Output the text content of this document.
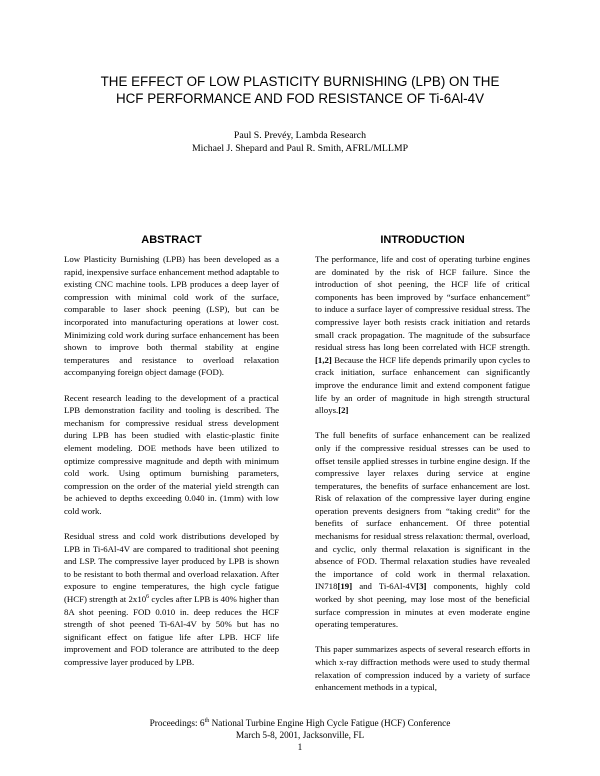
THE EFFECT OF LOW PLASTICITY BURNISHING (LPB) ON THE
HCF PERFORMANCE AND FOD RESISTANCE OF Ti-6Al-4V
Paul S. Prevéy, Lambda Research
Michael J. Shepard and Paul R. Smith, AFRL/MLLMP
ABSTRACT	INTRODUCTION

Low Plasticity Burnishing (LPB) has been developed as a rapid, inexpensive surface enhancement method adaptable to existing CNC machine tools. LPB produces a deep layer of compression with minimal cold work of the surface, comparable to laser shock peening (LSP), but can be incorporated into manufacturing operations at lower cost. Minimizing cold work during surface enhancement has been shown to improve both thermal stability at engine temperatures and resistance to overload relaxation accompanying foreign object damage (FOD).

Recent research leading to the development of a practical LPB demonstration facility and tooling is described. The mechanism for compressive residual stress development during LPB has been studied with elastic-plastic finite element modeling. DOE methods have been utilized to optimize compressive magnitude and depth with minimum cold work. Using optimum burnishing parameters, compression on the order of the material yield strength can be achieved to depths exceeding 0.040 in. (1mm) with low cold work.

Residual stress and cold work distributions developed by LPB in Ti-6Al-4V are compared to traditional shot peening and LSP. The compressive layer produced by LPB is shown to be resistant to both thermal and overload relaxation. After exposure to engine temperatures, the high cycle fatigue (HCF) strength at $2x10^6$ cycles after LPB is 40% higher than 8A shot peening. FOD 0.010 in. deep reduces the HCF strength of shot peened Ti-6Al-4V by 50% but has no significant effect on fatigue life after LPB. HCF life improvement and FOD tolerance are attributed to the deep compressive layer produced by LPB.

The performance, life and cost of operating turbine engines are dominated by the risk of HCF failure. Since the introduction of shot peening, the HCF life of critical components has been improved by “surface enhancement” to induce a surface layer of compressive residual stress. The compressive layer both resists crack initiation and retards small crack propagation. The magnitude of the subsurface residual stress has long been correlated with HCF strength.[1,2] Because the HCF life depends primarily upon cycles to crack initiation, surface enhancement can significantly improve the endurance limit and extend component fatigue life by an order of magnitude in high strength structural alloys.[2]

The full benefits of surface enhancement can be realized only if the compressive residual stresses can be used to offset tensile applied stresses in turbine engine design. If the compressive layer relaxes during service at engine temperatures, the benefits of surface enhancement are lost. Risk of relaxation of the compressive layer during engine operation prevents designers from “taking credit” for the benefits of surface enhancement. Of three potential mechanisms for residual stress relaxation: thermal, overload, and cyclic, only thermal relaxation is significant in the absence of FOD. Thermal relaxation studies have revealed the importance of cold work in thermal relaxation. IN718[19] and Ti-6Al-4V[3] components, highly cold worked by shot peening, may lose most of the beneficial surface compression in minutes at even moderate engine operating temperatures.

This paper summarizes aspects of several research efforts in which x-ray diffraction methods were used to study thermal relaxation of compression induced by a variety of surface enhancement methods in a typical,

Proceedings: 6th National Turbine Engine High Cycle Fatigue (HCF) Conference
March 5-8, 2001, Jacksonville, FL
1
